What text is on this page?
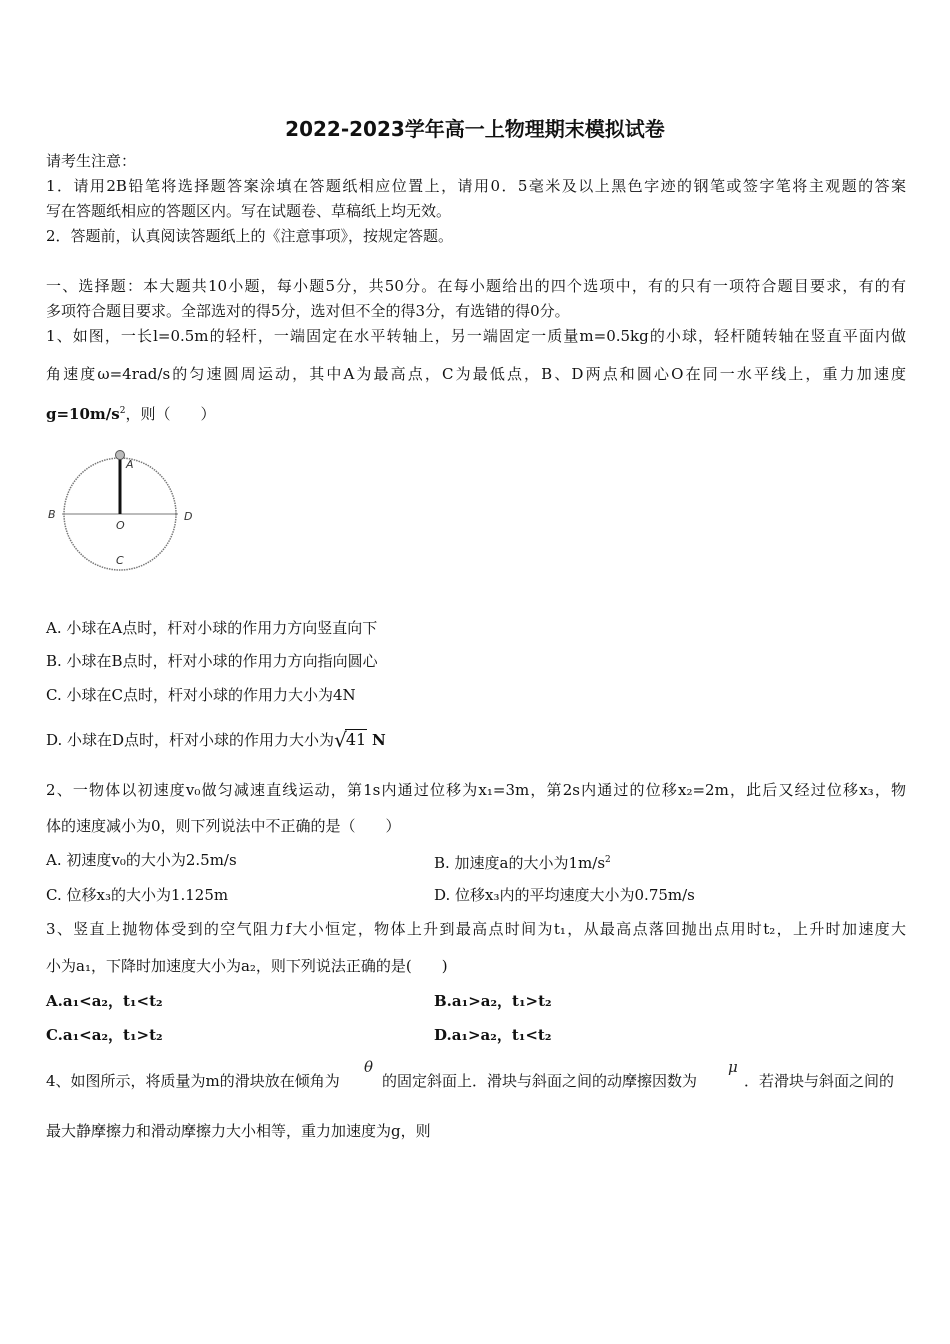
2022-2023学年高一上物理期末模拟试卷
请考生注意：
1．请用2B铅笔将选择题答案涂填在答题纸相应位置上，请用0．5毫米及以上黑色字迹的钢笔或签字笔将主观题的答案
写在答题纸相应的答题区内。写在试题卷、草稿纸上均无效。
2．答题前，认真阅读答题纸上的《注意事项》，按规定答题。
一、选择题：本大题共10小题，每小题5分，共50分。在每小题给出的四个选项中，有的只有一项符合题目要求，有的有
多项符合题目要求。全部选对的得5分，选对但不全的得3分，有选错的得0分。
1、如图，一长l=0.5m的轻杆，一端固定在水平转轴上，另一端固定一质量m=0.5kg的小球，轻杆随转轴在竖直平面内做
角速度ω=4rad/s的匀速圆周运动，其中A为最高点，C为最低点，B、D两点和圆心O在同一水平线上，重力加速度
$g=10m/s^2$，则（　　）
A
B
O
D
C
A. 小球在A点时，杆对小球的作用力方向竖直向下
B. 小球在B点时，杆对小球的作用力方向指向圆心
C. 小球在C点时，杆对小球的作用力大小为4N
D. 小球在D点时，杆对小球的作用力大小为√41 N
2、一物体以初速度v₀做匀减速直线运动，第1s内通过位移为x₁=3m，第2s内通过的位移x₂=2m，此后又经过位移x₃，物
体的速度减小为0，则下列说法中不正确的是（　　）
A. 初速度v₀的大小为2.5m/s	B. 加速度a的大小为$1m/s^2$
C. 位移x₃的大小为1.125m	D. 位移x₃内的平均速度大小为0.75m/s
3、竖直上抛物体受到的空气阻力f大小恒定，物体上升到最高点时间为t₁，从最高点落回抛出点用时t₂，上升时加速度大
小为a₁，下降时加速度大小为a₂，则下列说法正确的是(　　)
A.a₁<a₂，t₁<t₂	B.a₁>a₂，t₁>t₂
C.a₁<a₂，t₁>t₂	D.a₁>a₂，t₁<t₂
4、如图所示，将质量为m的滑块放在倾角为
θ
的固定斜面上．滑块与斜面之间的动摩擦因数为
μ
．若滑块与斜面之间的
最大静摩擦力和滑动摩擦力大小相等，重力加速度为g，则
